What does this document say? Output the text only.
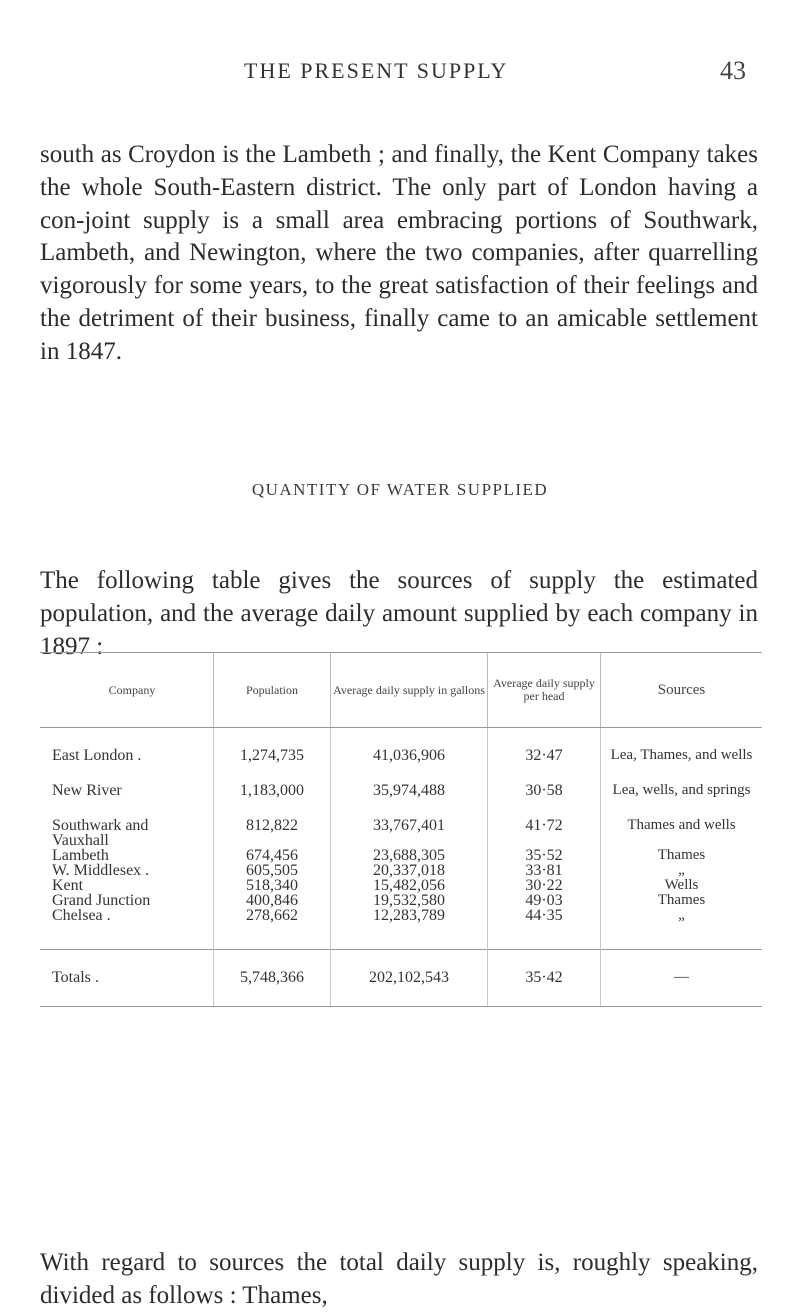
THE PRESENT SUPPLY	43

south as Croydon is the Lambeth ; and finally, the Kent Company takes the whole South-Eastern district. The only part of London having a con-joint supply is a small area embracing portions of Southwark, Lambeth, and Newington, where the two companies, after quarrelling vigorously for some years, to the great satisfaction of their feelings and the detriment of their business, finally came to an amicable settlement in 1847.

QUANTITY OF WATER SUPPLIED

The following table gives the sources of supply the estimated population, and the average daily amount supplied by each company in 1897 :

Company	Population	Average daily supply in gallons	Average daily supply per head	Sources
East London .	1,274,735	41,036,906	32·47	Lea, Thames, and wells
New River	1,183,000	35,974,488	30·58	Lea, wells, and springs
Southwark and Vauxhall	812,822	33,767,401	41·72	Thames and wells
Lambeth	674,456	23,688,305	35·52	Thames
W. Middlesex .	605,505	20,337,018	33·81	„
Kent	518,340	15,482,056	30·22	Wells
Grand Junction	400,846	19,532,580	49·03	Thames
Chelsea .	278,662	12,283,789	44·35	„

Totals .	5,748,366	202,102,543	35·42	—

With regard to sources the total daily supply is, roughly speaking, divided as follows : Thames,
